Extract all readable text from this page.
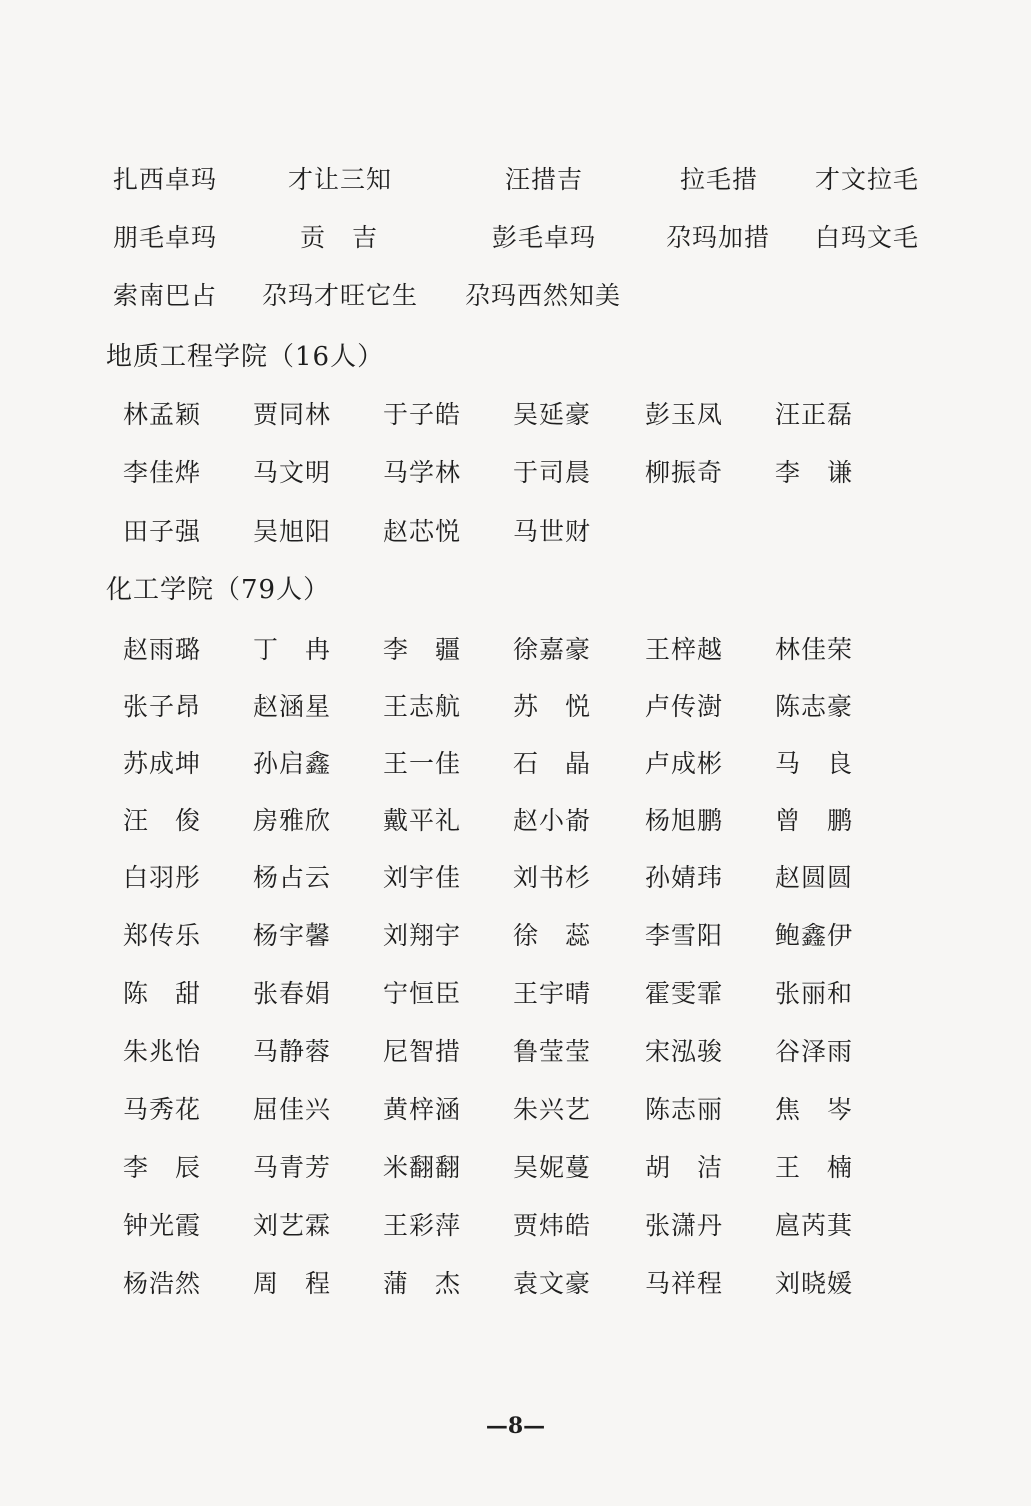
扎西卓玛	才让三知	汪措吉	拉毛措 才文拉毛
朋毛卓玛	贡　吉	彭毛卓玛	尕玛加措 白玛文毛
索南巴占 尕玛才旺它生 尕玛西然知美
地质工程学院（16人）
林孟颖 贾同林 于子皓 吴延豪 彭玉凤 汪正磊
李佳烨 马文明 马学林 于司晨 柳振奇 李　谦
田子强 吴旭阳 赵芯悦 马世财
化工学院（79人）
赵雨璐 丁　冉 李　疆 徐嘉豪 王梓越 林佳荣
张子昂 赵涵星 王志航 苏　悦 卢传澍 陈志豪
苏成坤 孙启鑫 王一佳 石　晶 卢成彬 马　良
汪　俊 房雅欣 戴平礼 赵小嵛 杨旭鹏 曾　鹏
白羽彤 杨占云 刘宇佳 刘书杉 孙婧玮 赵圆圆
郑传乐 杨宇馨 刘翔宇 徐　蕊 李雪阳 鲍鑫伊
陈　甜 张春娟 宁恒臣 王宇晴 霍雯霏 张丽和
朱兆怡 马静蓉 尼智措 鲁莹莹 宋泓骏 谷泽雨
马秀花 屈佳兴 黄梓涵 朱兴艺 陈志丽 焦　岑
李　辰 马青芳 米翻翻 吴妮蔓 胡　洁 王　楠
钟光霞 刘艺霖 王彩萍 贾炜皓 张潇丹 扈芮萁
杨浩然 周　程 蒲　杰 袁文豪 马祥程 刘晓媛
—8—
